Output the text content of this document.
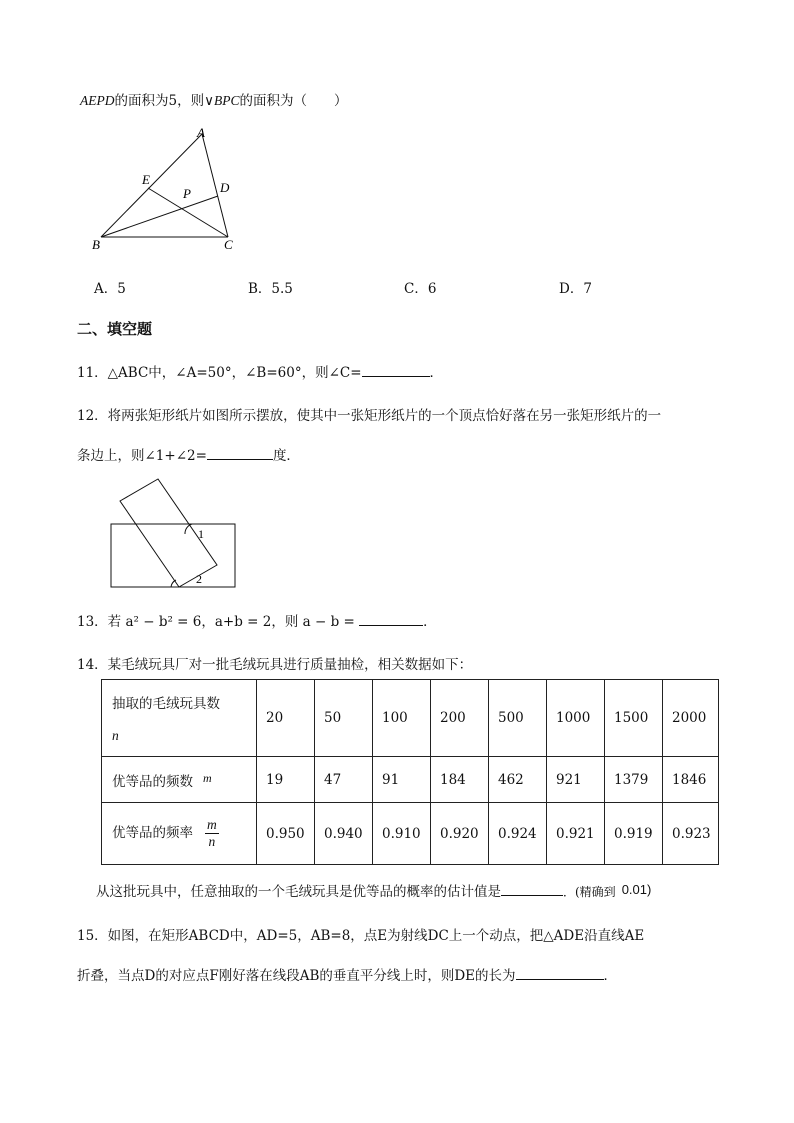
AEPD的面积为5，则∨BPC的面积为（　　）
A
E
D
P
B	C
A．5	B．5.5	C．6	D．7
二、填空题
11．△ABC中，∠A=50°，∠B=60°，则∠C=	．
12．将两张矩形纸片如图所示摆放，使其中一张矩形纸片的一个顶点恰好落在另一张矩形纸片的一
条边上，则∠1+∠2=	度．
1
2
13．若 a² − b² = 6，a+b = 2，则 a − b =	．
14．某毛绒玩具厂对一批毛绒玩具进行质量抽检，相关数据如下：
抽取的毛绒玩具数
n	20	50	100	200	500	1000	1500	2000
优等品的频数 m	19	47	91	184	462	921	1379	1846
优等品的频率 $\frac{m}{n}$	0.950	0.940	0.910	0.920	0.924	0.921	0.919	0.923
从这批玩具中，任意抽取的一个毛绒玩具是优等品的概率的估计值是	．(精确到 0.01)
15．如图，在矩形ABCD中，AD=5，AB=8，点E为射线DC上一个动点，把△ADE沿直线AE
折叠，当点D的对应点F刚好落在线段AB的垂直平分线上时，则DE的长为	．
